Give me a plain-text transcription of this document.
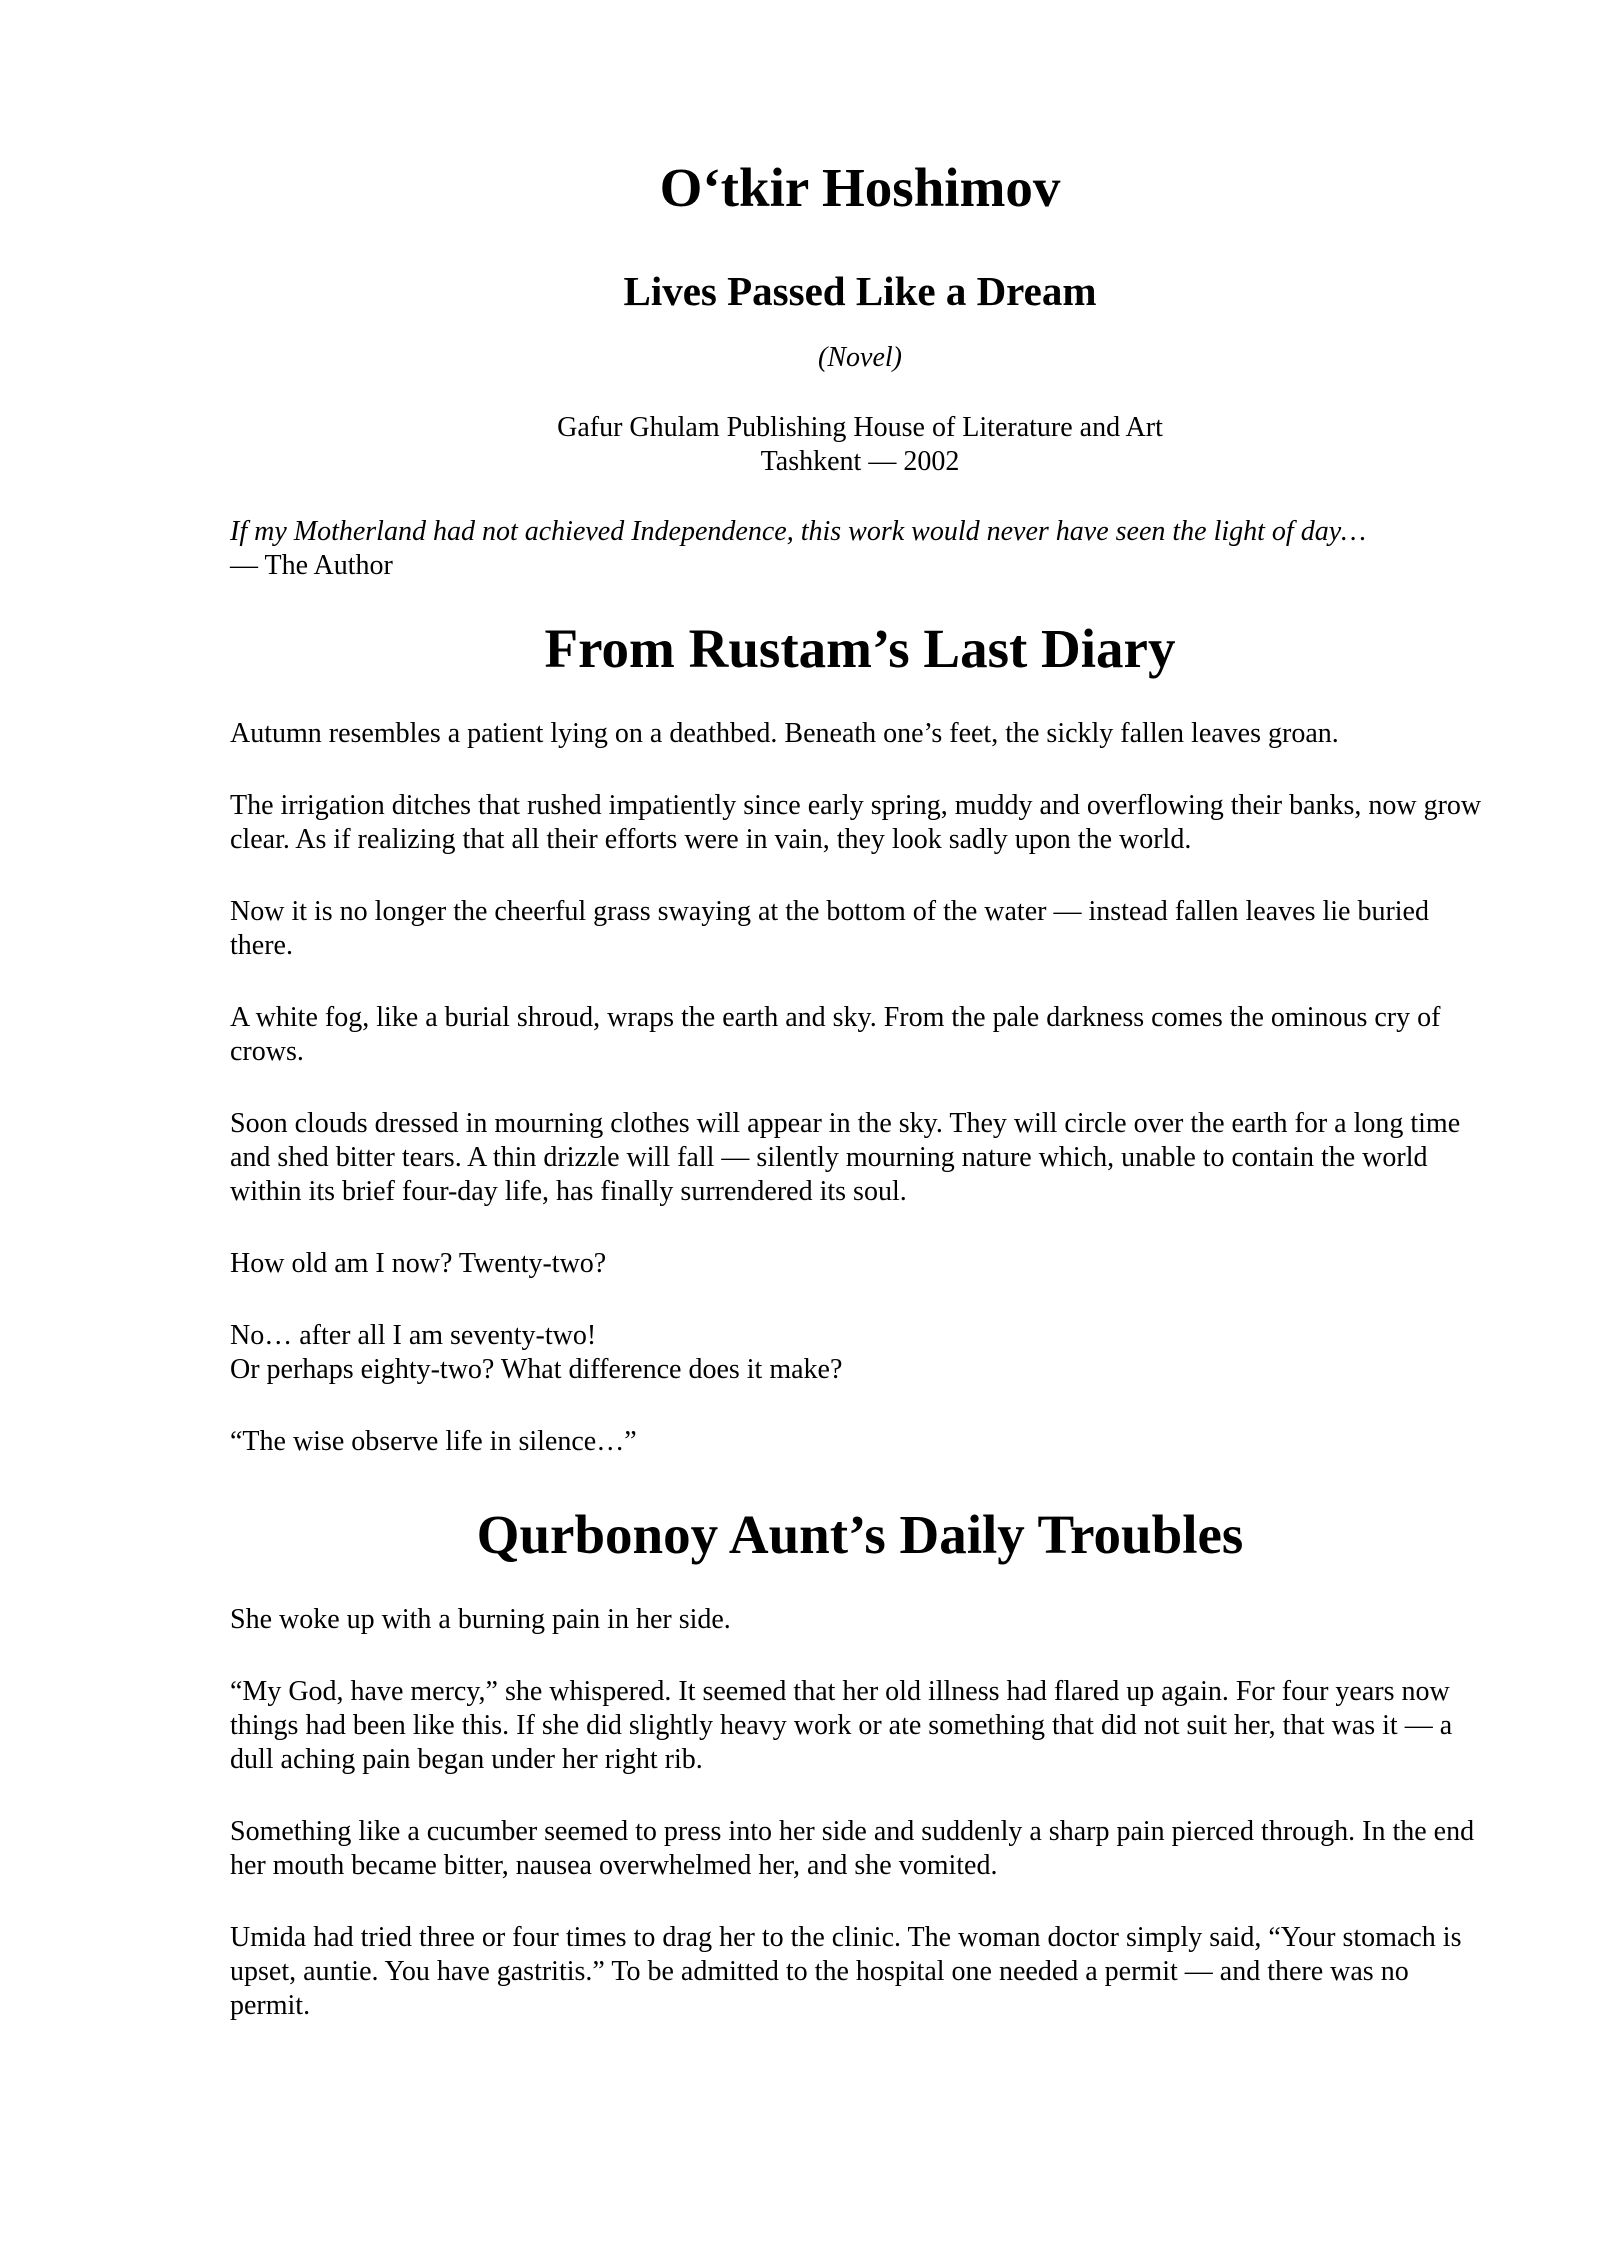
O‘tkir Hoshimov
Lives Passed Like a Dream
(Novel)
Gafur Ghulam Publishing House of Literature and Art
Tashkent — 2002
If my Motherland had not achieved Independence, this work would never have seen the light of day…
— The Author
From Rustam’s Last Diary

Autumn resembles a patient lying on a deathbed. Beneath one’s feet, the sickly fallen leaves groan.

The irrigation ditches that rushed impatiently since early spring, muddy and overflowing their banks, now grow clear. As if realizing that all their efforts were in vain, they look sadly upon the world.

Now it is no longer the cheerful grass swaying at the bottom of the water — instead fallen leaves lie buried there.

A white fog, like a burial shroud, wraps the earth and sky. From the pale darkness comes the ominous cry of crows.

Soon clouds dressed in mourning clothes will appear in the sky. They will circle over the earth for a long time and shed bitter tears. A thin drizzle will fall — silently mourning nature which, unable to contain the world within its brief four-day life, has finally surrendered its soul.

How old am I now? Twenty-two?

No… after all I am seventy-two!
Or perhaps eighty-two? What difference does it make?

“The wise observe life in silence…”

Qurbonoy Aunt’s Daily Troubles

She woke up with a burning pain in her side.

“My God, have mercy,” she whispered. It seemed that her old illness had flared up again. For four years now things had been like this. If she did slightly heavy work or ate something that did not suit her, that was it — a dull aching pain began under her right rib.

Something like a cucumber seemed to press into her side and suddenly a sharp pain pierced through. In the end her mouth became bitter, nausea overwhelmed her, and she vomited.

Umida had tried three or four times to drag her to the clinic. The woman doctor simply said, “Your stomach is upset, auntie. You have gastritis.” To be admitted to the hospital one needed a permit — and there was no permit.
